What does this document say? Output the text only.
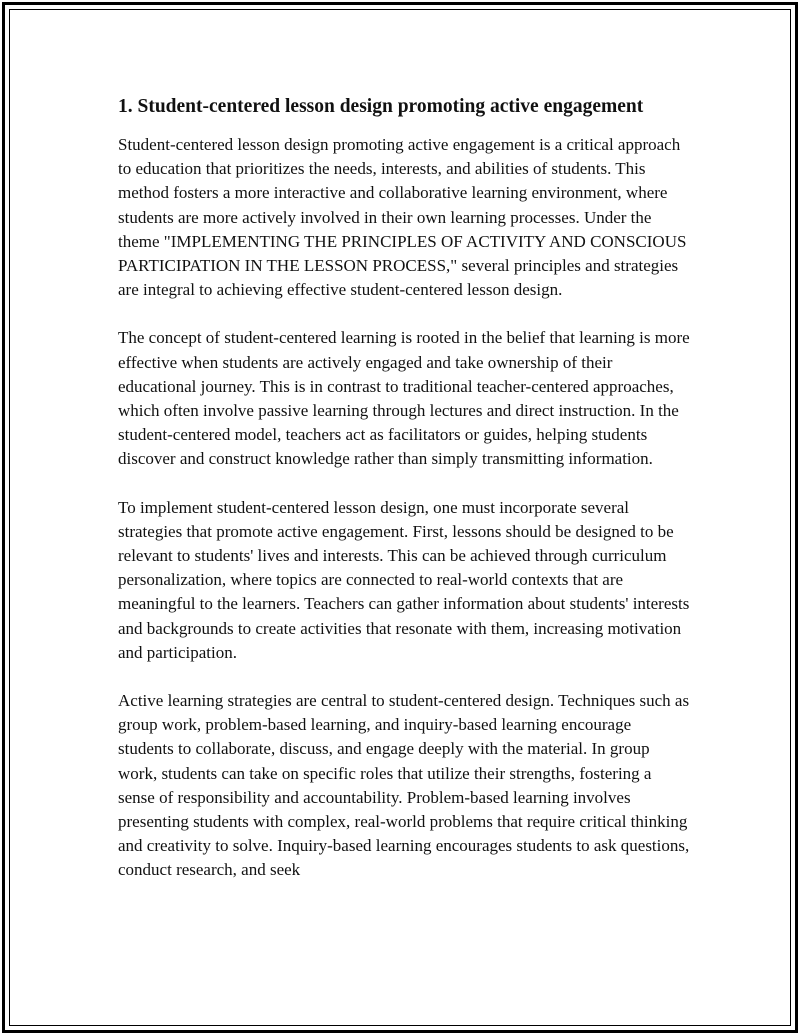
1. Student-centered lesson design promoting active engagement

Student-centered lesson design promoting active engagement is a critical approach to education that prioritizes the needs, interests, and abilities of students. This method fosters a more interactive and collaborative learning environment, where students are more actively involved in their own learning processes. Under the theme "IMPLEMENTING THE PRINCIPLES OF ACTIVITY AND CONSCIOUS PARTICIPATION IN THE LESSON PROCESS," several principles and strategies are integral to achieving effective student-centered lesson design.

The concept of student-centered learning is rooted in the belief that learning is more effective when students are actively engaged and take ownership of their educational journey. This is in contrast to traditional teacher-centered approaches, which often involve passive learning through lectures and direct instruction. In the student-centered model, teachers act as facilitators or guides, helping students discover and construct knowledge rather than simply transmitting information.

To implement student-centered lesson design, one must incorporate several strategies that promote active engagement. First, lessons should be designed to be relevant to students' lives and interests. This can be achieved through curriculum personalization, where topics are connected to real-world contexts that are meaningful to the learners. Teachers can gather information about students' interests and backgrounds to create activities that resonate with them, increasing motivation and participation.

Active learning strategies are central to student-centered design. Techniques such as group work, problem-based learning, and inquiry-based learning encourage students to collaborate, discuss, and engage deeply with the material. In group work, students can take on specific roles that utilize their strengths, fostering a sense of responsibility and accountability. Problem-based learning involves presenting students with complex, real-world problems that require critical thinking and creativity to solve. Inquiry-based learning encourages students to ask questions, conduct research, and seek
